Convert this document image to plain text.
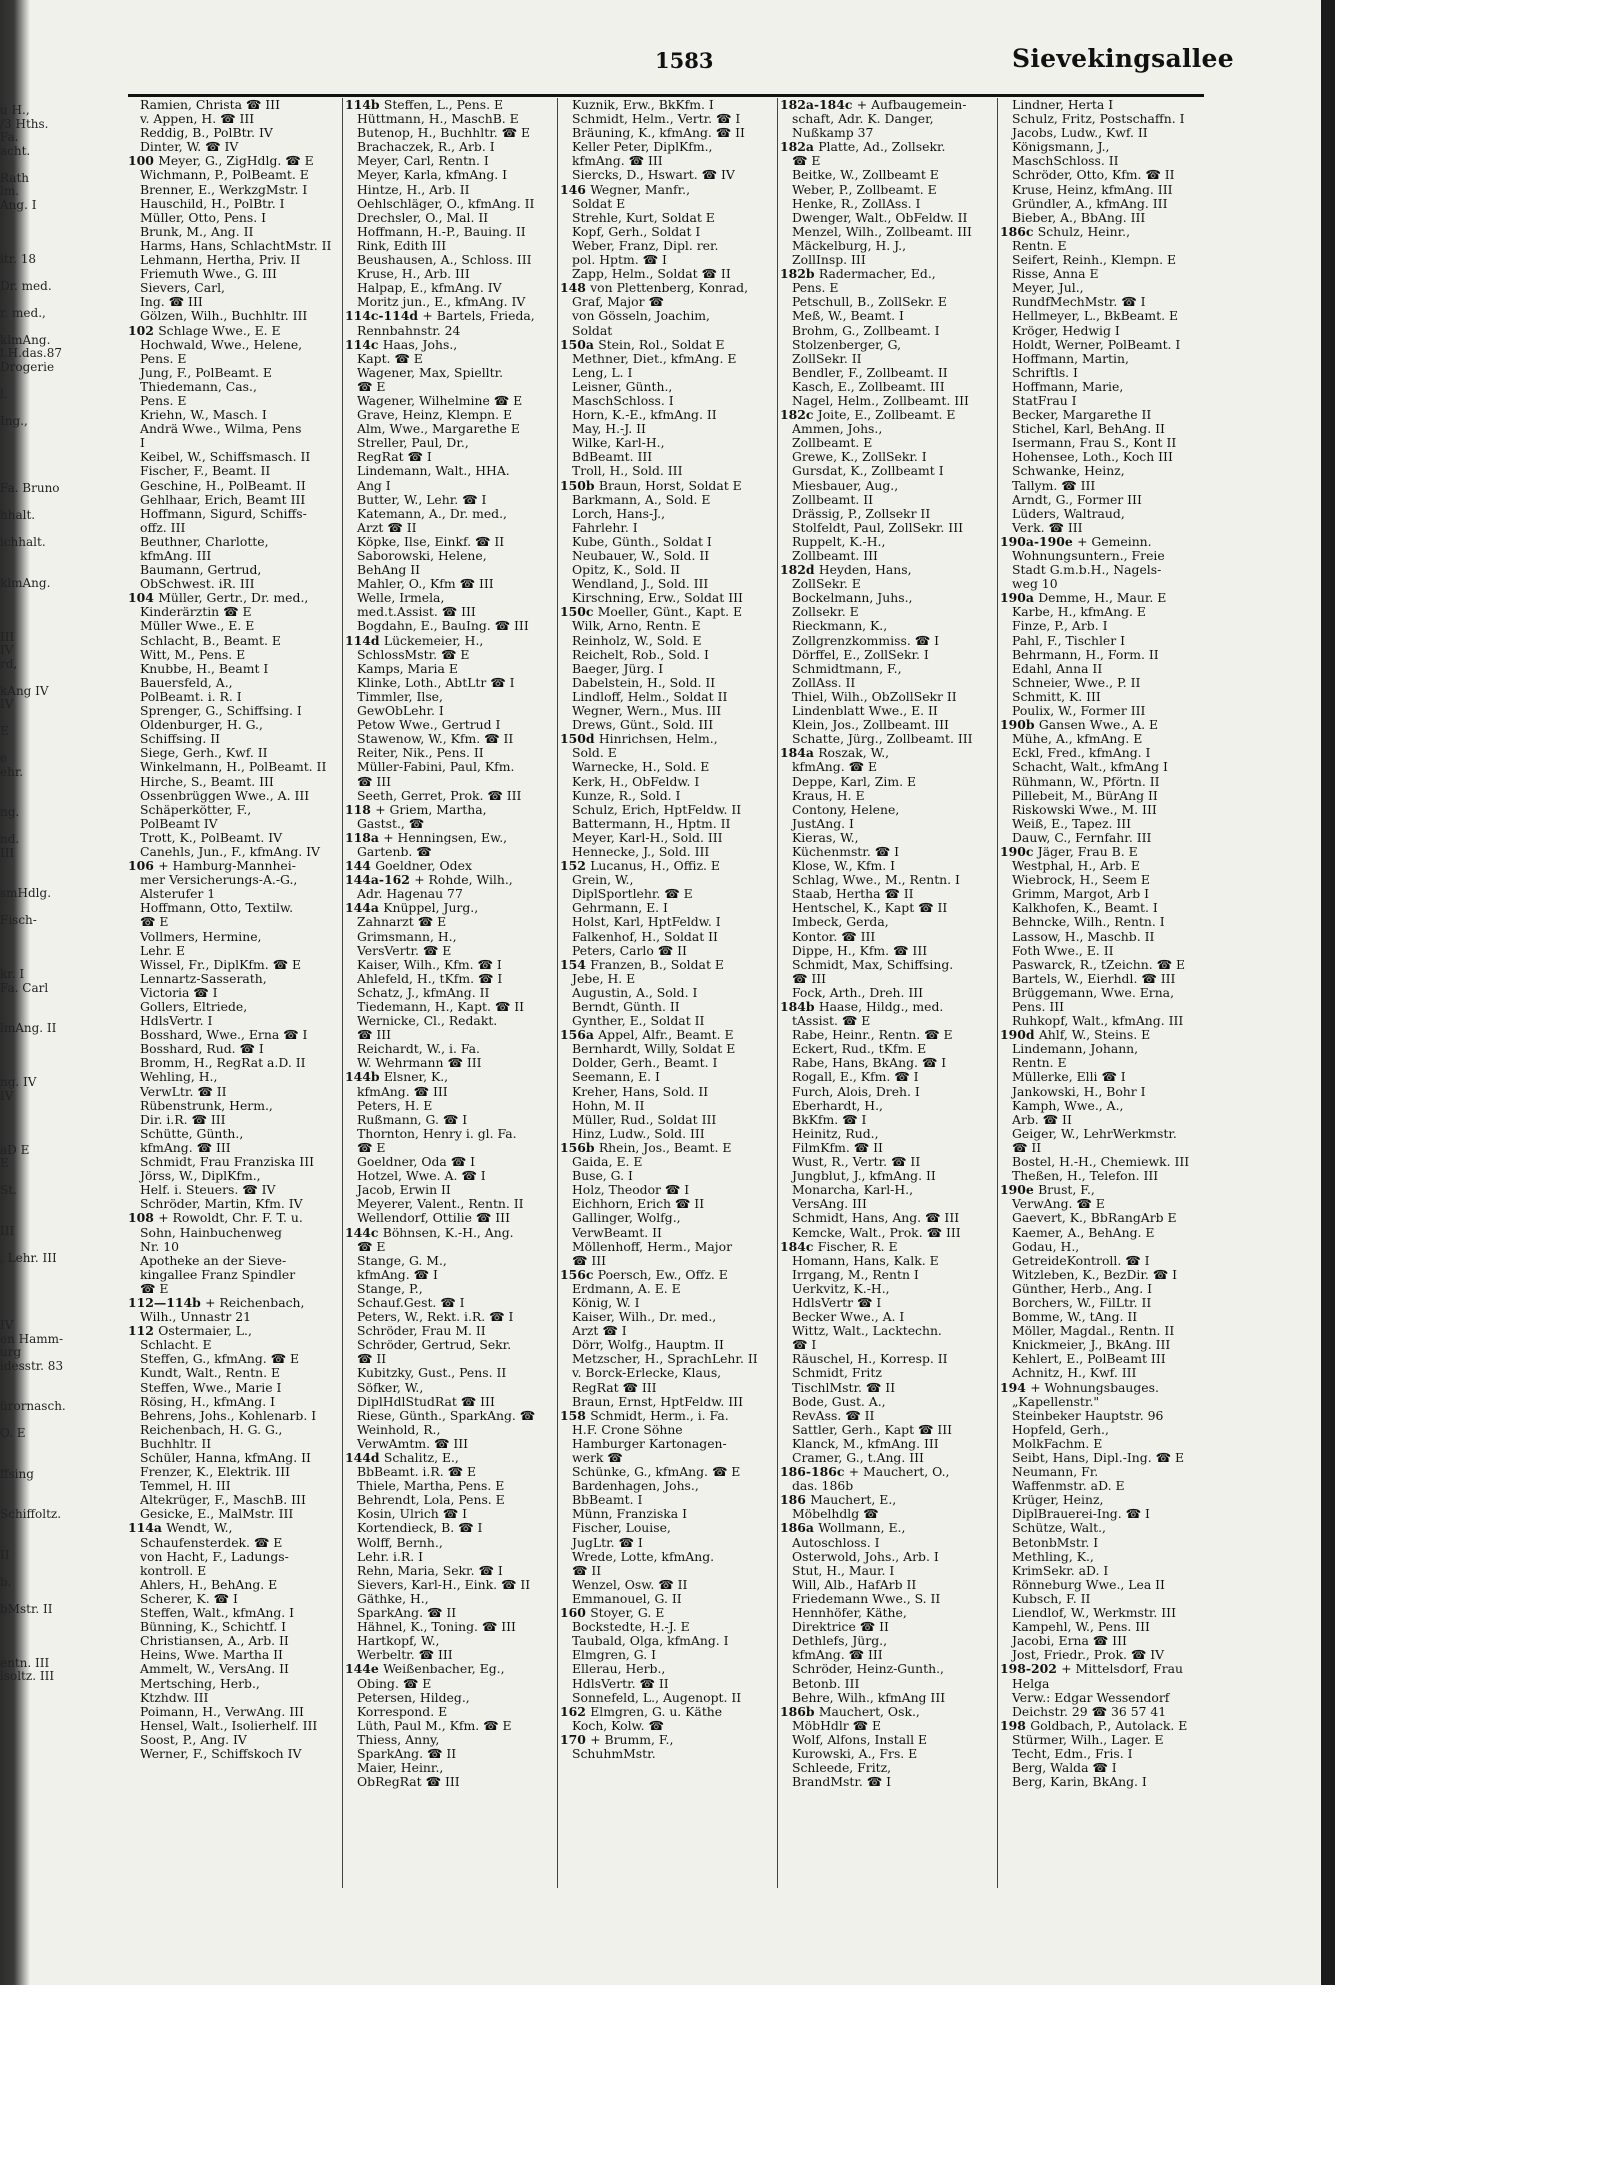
u H.,
/3 Hths.
Fa.
acht.
Rath
lm.
Ang. I
itr. 18
Dr. med.
r. med.,
klmAng.
l.H.das.87
Drogerie
l.
Ing.,
Fa. Bruno
hhalt.
ichhalt.
klmAng.
III
IV
rd,
kAng IV
IV
E
e
ehr.
ng.
nd.
III
smHdlg.
Fisch-
kr. I
Fa. Carl
lmAng. II
ng. IV
IV
aD E
E
St.
III
, Lehr. III
IV
en Hamm-
urg
idesstr. 83
ürornasch.
O. E
ffsing
Schiffoltz.
II
b.
bMstr. II
entn. III
lsoltz. III
1583	Sievekingsallee
Ramien, Christa ☎ III
v. Appen, H. ☎ III
Reddig, B., PolBtr. IV
Dinter, W. ☎ IV
100 Meyer, G., ZigHdlg. ☎ E
Wichmann, P., PolBeamt. E
Brenner, E., WerkzgMstr. I
Hauschild, H., PolBtr. I
Müller, Otto, Pens. I
Brunk, M., Ang. II
Harms, Hans, SchlachtMstr. II
Lehmann, Hertha, Priv. II
Friemuth Wwe., G. III
Sievers, Carl,
Ing. ☎ III
Gölzen, Wilh., Buchhltr. III
102 Schlage Wwe., E. E
Hochwald, Wwe., Helene,
Pens. E
Jung, F., PolBeamt. E
Thiedemann, Cas.,
Pens. E
Kriehn, W., Masch. I
Andrä Wwe., Wilma, Pens
I
Keibel, W., Schiffsmasch. II
Fischer, F., Beamt. II
Geschine, H., PolBeamt. II
Gehlhaar, Erich, Beamt III
Hoffmann, Sigurd, Schiffs-
offz. III
Beuthner, Charlotte,
kfmAng. III
Baumann, Gertrud,
ObSchwest. iR. III
104 Müller, Gertr., Dr. med.,
Kinderärztin ☎ E
Müller Wwe., E. E
Schlacht, B., Beamt. E
Witt, M., Pens. E
Knubbe, H., Beamt I
Bauersfeld, A.,
PolBeamt. i. R. I
Sprenger, G., Schiffsing. I
Oldenburger, H. G.,
Schiffsing. II
Siege, Gerh., Kwf. II
Winkelmann, H., PolBeamt. II
Hirche, S., Beamt. III
Ossenbrüggen Wwe., A. III
Schäperkötter, F.,
PolBeamt IV
Trott, K., PolBeamt. IV
Canehls, Jun., F., kfmAng. IV
106 + Hamburg-Mannhei-
mer Versicherungs-A.-G.,
Alsterufer 1
Hoffmann, Otto, Textilw.
☎ E
Vollmers, Hermine,
Lehr. E
Wissel, Fr., DiplKfm. ☎ E
Lennartz-Sasserath,
Victoria ☎ I
Gollers, Eltriede,
HdlsVertr. I
Bosshard, Wwe., Erna ☎ I
Bosshard, Rud. ☎ I
Bromm, H., RegRat a.D. II
Wehling, H.,
VerwLtr. ☎ II
Rübenstrunk, Herm.,
Dir. i.R. ☎ III
Schütte, Günth.,
kfmAng. ☎ III
Schmidt, Frau Franziska III
Jörss, W., DiplKfm.,
Helf. i. Steuers. ☎ IV
Schröder, Martin, Kfm. IV
108 + Rowoldt, Chr. F. T. u.
Sohn, Hainbuchenweg
Nr. 10
Apotheke an der Sieve-
kingallee Franz Spindler
☎ E
112—114b + Reichenbach,
Wilh., Unnastr 21
112 Ostermaier, L.,
Schlacht. E
Steffen, G., kfmAng. ☎ E
Kundt, Walt., Rentn. E
Steffen, Wwe., Marie I
Rösing, H., kfmAng. I
Behrens, Johs., Kohlenarb. I
Reichenbach, H. G. G.,
Buchhltr. II
Schüler, Hanna, kfmAng. II
Frenzer, K., Elektrik. III
Temmel, H. III
Altekrüger, F., MaschB. III
Gesicke, E., MalMstr. III
114a Wendt, W.,
Schaufensterdek. ☎ E
von Hacht, F., Ladungs-
kontroll. E
Ahlers, H., BehAng. E
Scherer, K. ☎ I
Steffen, Walt., kfmAng. I
Bünning, K., Schichtf. I
Christiansen, A., Arb. II
Heins, Wwe. Martha II
Ammelt, W., VersAng. II
Mertsching, Herb.,
Ktzhdw. III
Poimann, H., VerwAng. III
Hensel, Walt., Isolierhelf. III
Soost, P., Ang. IV
Werner, F., Schiffskoch IV
114b Steffen, L., Pens. E
Hüttmann, H., MaschB. E
Butenop, H., Buchhltr. ☎ E
Brachaczek, R., Arb. I
Meyer, Carl, Rentn. I
Meyer, Karla, kfmAng. I
Hintze, H., Arb. II
Oehlschläger, O., kfmAng. II
Drechsler, O., Mal. II
Hoffmann, H.-P., Bauing. II
Rink, Edith III
Beushausen, A., Schloss. III
Kruse, H., Arb. III
Halpap, E., kfmAng. IV
Moritz jun., E., kfmAng. IV
114c-114d + Bartels, Frieda,
Rennbahnstr. 24
114c Haas, Johs.,
Kapt. ☎ E
Wagener, Max, Spielltr.
☎ E
Wagener, Wilhelmine ☎ E
Grave, Heinz, Klempn. E
Alm, Wwe., Margarethe E
Streller, Paul, Dr.,
RegRat ☎ I
Lindemann, Walt., HHA.
Ang I
Butter, W., Lehr. ☎ I
Katemann, A., Dr. med.,
Arzt ☎ II
Köpke, Ilse, Einkf. ☎ II
Saborowski, Helene,
BehAng II
Mahler, O., Kfm ☎ III
Welle, Irmela,
med.t.Assist. ☎ III
Bogdahn, E., BauIng. ☎ III
114d Lückemeier, H.,
SchlossMstr. ☎ E
Kamps, Maria E
Klinke, Loth., AbtLtr ☎ I
Timmler, Ilse,
GewObLehr. I
Petow Wwe., Gertrud I
Stawenow, W., Kfm. ☎ II
Reiter, Nik., Pens. II
Müller-Fabini, Paul, Kfm.
☎ III
Seeth, Gerret, Prok. ☎ III
118 + Griem, Martha,
Gastst., ☎
118a + Henningsen, Ew.,
Gartenb. ☎
144 Goeldner, Odex
144a-162 + Rohde, Wilh.,
Adr. Hagenau 77
144a Knüppel, Jurg.,
Zahnarzt ☎ E
Grimsmann, H.,
VersVertr. ☎ E
Kaiser, Wilh., Kfm. ☎ I
Ahlefeld, H., tKfm. ☎ I
Schatz, J., kfmAng. II
Tiedemann, H., Kapt. ☎ II
Wernicke, Cl., Redakt.
☎ III
Reichardt, W., i. Fa.
W. Wehrmann ☎ III
144b Elsner, K.,
kfmAng. ☎ III
Peters, H. E
Rußmann, G. ☎ I
Thornton, Henry i. gl. Fa.
☎ E
Goeldner, Oda ☎ I
Hotzel, Wwe. A. ☎ I
Jacob, Erwin II
Meyerer, Valent., Rentn. II
Wellendorf, Ottilie ☎ III
144c Böhnsen, K.-H., Ang.
☎ E
Stange, G. M.,
kfmAng. ☎ I
Stange, P.,
Schauf.Gest. ☎ I
Peters, W., Rekt. i.R. ☎ I
Schröder, Frau M. II
Schröder, Gertrud, Sekr.
☎ II
Kubitzky, Gust., Pens. II
Söfker, W.,
DiplHdlStudRat ☎ III
Riese, Günth., SparkAng. ☎
Weinhold, R.,
VerwAmtm. ☎ III
144d Schalitz, E.,
BbBeamt. i.R. ☎ E
Thiele, Martha, Pens. E
Behrendt, Lola, Pens. E
Kosin, Ulrich ☎ I
Kortendieck, B. ☎ I
Wolff, Bernh.,
Lehr. i.R. I
Rehn, Maria, Sekr. ☎ I
Sievers, Karl-H., Eink. ☎ II
Gäthke, H.,
SparkAng. ☎ II
Hähnel, K., Toning. ☎ III
Hartkopf, W.,
Werbeltr. ☎ III
144e Weißenbacher, Eg.,
Obing. ☎ E
Petersen, Hildeg.,
Korrespond. E
Lüth, Paul M., Kfm. ☎ E
Thiess, Anny,
SparkAng. ☎ II
Maier, Heinr.,
ObRegRat ☎ III
Kuznik, Erw., BkKfm. I
Schmidt, Helm., Vertr. ☎ I
Bräuning, K., kfmAng. ☎ II
Keller Peter, DiplKfm.,
kfmAng. ☎ III
Siercks, D., Hswart. ☎ IV
146 Wegner, Manfr.,
Soldat E
Strehle, Kurt, Soldat E
Kopf, Gerh., Soldat I
Weber, Franz, Dipl. rer.
pol. Hptm. ☎ I
Zapp, Helm., Soldat ☎ II
148 von Plettenberg, Konrad,
Graf, Major ☎
von Gösseln, Joachim,
Soldat
150a Stein, Rol., Soldat E
Methner, Diet., kfmAng. E
Leng, L. I
Leisner, Günth.,
MaschSchloss. I
Horn, K.-E., kfmAng. II
May, H.-J. II
Wilke, Karl-H.,
BdBeamt. III
Troll, H., Sold. III
150b Braun, Horst, Soldat E
Barkmann, A., Sold. E
Lorch, Hans-J.,
Fahrlehr. I
Kube, Günth., Soldat I
Neubauer, W., Sold. II
Opitz, K., Sold. II
Wendland, J., Sold. III
Kirschning, Erw., Soldat III
150c Moeller, Günt., Kapt. E
Wilk, Arno, Rentn. E
Reinholz, W., Sold. E
Reichelt, Rob., Sold. I
Baeger, Jürg. I
Dabelstein, H., Sold. II
Lindloff, Helm., Soldat II
Wegner, Wern., Mus. III
Drews, Günt., Sold. III
150d Hinrichsen, Helm.,
Sold. E
Warnecke, H., Sold. E
Kerk, H., ObFeldw. I
Kunze, R., Sold. I
Schulz, Erich, HptFeldw. II
Battermann, H., Hptm. II
Meyer, Karl-H., Sold. III
Hennecke, J., Sold. III
152 Lucanus, H., Offiz. E
Grein, W.,
DiplSportlehr. ☎ E
Gehrmann, E. I
Holst, Karl, HptFeldw. I
Falkenhof, H., Soldat II
Peters, Carlo ☎ II
154 Franzen, B., Soldat E
Jebe, H. E
Augustin, A., Sold. I
Berndt, Günth. II
Gynther, E., Soldat II
156a Appel, Alfr., Beamt. E
Bernhardt, Willy, Soldat E
Dolder, Gerh., Beamt. I
Seemann, E. I
Kreher, Hans, Sold. II
Hohn, M. II
Müller, Rud., Soldat III
Hinz, Ludw., Sold. III
156b Rhein, Jos., Beamt. E
Gaida, E. E
Buse, G. I
Holz, Theodor ☎ I
Eichhorn, Erich ☎ II
Gallinger, Wolfg.,
VerwBeamt. II
Möllenhoff, Herm., Major
☎ III
156c Poersch, Ew., Offz. E
Erdmann, A. E. E
König, W. I
Kaiser, Wilh., Dr. med.,
Arzt ☎ I
Dörr, Wolfg., Hauptm. II
Metzscher, H., SprachLehr. II
v. Borck-Erlecke, Klaus,
RegRat ☎ III
Braun, Ernst, HptFeldw. III
158 Schmidt, Herm., i. Fa.
H.F. Crone Söhne
Hamburger Kartonagen-
werk ☎
Schünke, G., kfmAng. ☎ E
Bardenhagen, Johs.,
BbBeamt. I
Münn, Franziska I
Fischer, Louise,
JugLtr. ☎ I
Wrede, Lotte, kfmAng.
☎ II
Wenzel, Osw. ☎ II
Emmanouel, G. II
160 Stoyer, G. E
Bockstedte, H.-J. E
Taubald, Olga, kfmAng. I
Elmgren, G. I
Ellerau, Herb.,
HdlsVertr. ☎ II
Sonnefeld, L., Augenopt. II
162 Elmgren, G. u. Käthe
Koch, Kolw. ☎
170 + Brumm, F.,
SchuhmMstr.
182a-184c + Aufbaugemein-
schaft, Adr. K. Danger,
Nußkamp 37
182a Platte, Ad., Zollsekr.
☎ E
Beitke, W., Zollbeamt E
Weber, P., Zollbeamt. E
Henke, R., ZollAss. I
Dwenger, Walt., ObFeldw. II
Menzel, Wilh., Zollbeamt. III
Mäckelburg, H. J.,
ZollInsp. III
182b Radermacher, Ed.,
Pens. E
Petschull, B., ZollSekr. E
Meß, W., Beamt. I
Brohm, G., Zollbeamt. I
Stolzenberger, G,
ZollSekr. II
Bendler, F., Zollbeamt. II
Kasch, E., Zollbeamt. III
Nagel, Helm., Zollbeamt. III
182c Joite, E., Zollbeamt. E
Ammen, Johs.,
Zollbeamt. E
Grewe, K., ZollSekr. I
Gursdat, K., Zollbeamt I
Miesbauer, Aug.,
Zollbeamt. II
Drässig, P., Zollsekr II
Stolfeldt, Paul, ZollSekr. III
Ruppelt, K.-H.,
Zollbeamt. III
182d Heyden, Hans,
ZollSekr. E
Bockelmann, Juhs.,
Zollsekr. E
Rieckmann, K.,
Zollgrenzkommiss. ☎ I
Dörffel, E., ZollSekr. I
Schmidtmann, F.,
ZollAss. II
Thiel, Wilh., ObZollSekr II
Lindenblatt Wwe., E. II
Klein, Jos., Zollbeamt. III
Schatte, Jürg., Zollbeamt. III
184a Roszak, W.,
kfmAng. ☎ E
Deppe, Karl, Zim. E
Kraus, H. E
Contony, Helene,
JustAng. I
Kieras, W.,
Küchenmstr. ☎ I
Klose, W., Kfm. I
Schlag, Wwe., M., Rentn. I
Staab, Hertha ☎ II
Hentschel, K., Kapt ☎ II
Imbeck, Gerda,
Kontor. ☎ III
Dippe, H., Kfm. ☎ III
Schmidt, Max, Schiffsing.
☎ III
Fock, Arth., Dreh. III
184b Haase, Hildg., med.
tAssist. ☎ E
Rabe, Heinr., Rentn. ☎ E
Eckert, Rud., tKfm. E
Rabe, Hans, BkAng. ☎ I
Rogall, E., Kfm. ☎ I
Furch, Alois, Dreh. I
Eberhardt, H.,
BkKfm. ☎ I
Heinitz, Rud.,
FilmKfm. ☎ II
Wust, R., Vertr. ☎ II
Jungblut, J., kfmAng. II
Monarcha, Karl-H.,
VersAng. III
Schmidt, Hans, Ang. ☎ III
Kemcke, Walt., Prok. ☎ III
184c Fischer, R. E
Homann, Hans, Kalk. E
Irrgang, M., Rentn I
Uerkvitz, K.-H.,
HdlsVertr ☎ I
Becker Wwe., A. I
Wittz, Walt., Lacktechn.
☎ I
Räuschel, H., Korresp. II
Schmidt, Fritz
TischlMstr. ☎ II
Bode, Gust. A.,
RevAss. ☎ II
Sattler, Gerh., Kapt ☎ III
Klanck, M., kfmAng. III
Cramer, G., t.Ang. III
186-186c + Mauchert, O.,
das. 186b
186 Mauchert, E.,
Möbelhdlg ☎
186a Wollmann, E.,
Autoschloss. I
Osterwold, Johs., Arb. I
Stut, H., Maur. I
Will, Alb., HafArb II
Friedemann Wwe., S. II
Hennhöfer, Käthe,
Direktrice ☎ II
Dethlefs, Jürg.,
kfmAng. ☎ III
Schröder, Heinz-Gunth.,
Betonb. III
Behre, Wilh., kfmAng III
186b Mauchert, Osk.,
MöbHdlr ☎ E
Wolf, Alfons, Install E
Kurowski, A., Frs. E
Schleede, Fritz,
BrandMstr. ☎ I
Lindner, Herta I
Schulz, Fritz, Postschaffn. I
Jacobs, Ludw., Kwf. II
Königsmann, J.,
MaschSchloss. II
Schröder, Otto, Kfm. ☎ II
Kruse, Heinz, kfmAng. III
Gründler, A., kfmAng. III
Bieber, A., BbAng. III
186c Schulz, Heinr.,
Rentn. E
Seifert, Reinh., Klempn. E
Risse, Anna E
Meyer, Jul.,
RundfMechMstr. ☎ I
Hellmeyer, L., BkBeamt. E
Kröger, Hedwig I
Holdt, Werner, PolBeamt. I
Hoffmann, Martin,
Schriftls. I
Hoffmann, Marie,
StatFrau I
Becker, Margarethe II
Stichel, Karl, BehAng. II
Isermann, Frau S., Kont II
Hohensee, Loth., Koch III
Schwanke, Heinz,
Tallym. ☎ III
Arndt, G., Former III
Lüders, Waltraud,
Verk. ☎ III
190a-190e + Gemeinn.
Wohnungsuntern., Freie
Stadt G.m.b.H., Nagels-
weg 10
190a Demme, H., Maur. E
Karbe, H., kfmAng. E
Finze, P., Arb. I
Pahl, F., Tischler I
Behrmann, H., Form. II
Edahl, Anna II
Schneier, Wwe., P. II
Schmitt, K. III
Poulix, W., Former III
190b Gansen Wwe., A. E
Mühe, A., kfmAng. E
Eckl, Fred., kfmAng. I
Schacht, Walt., kfmAng I
Rühmann, W., Pförtn. II
Pillebeit, M., BürAng II
Riskowski Wwe., M. III
Weiß, E., Tapez. III
Dauw, C., Fernfahr. III
190c Jäger, Frau B. E
Westphal, H., Arb. E
Wiebrock, H., Seem E
Grimm, Margot, Arb I
Kalkhofen, K., Beamt. I
Behncke, Wilh., Rentn. I
Lassow, H., Maschb. II
Foth Wwe., E. II
Paswarck, R., tZeichn. ☎ E
Bartels, W., Eierhdl. ☎ III
Brüggemann, Wwe. Erna,
Pens. III
Ruhkopf, Walt., kfmAng. III
190d Ahlf, W., Steins. E
Lindemann, Johann,
Rentn. E
Müllerke, Elli ☎ I
Jankowski, H., Bohr I
Kamph, Wwe., A.,
Arb. ☎ II
Geiger, W., LehrWerkmstr.
☎ II
Bostel, H.-H., Chemiewk. III
Theßen, H., Telefon. III
190e Brust, F.,
VerwAng. ☎ E
Gaevert, K., BbRangArb E
Kaemer, A., BehAng. E
Godau, H.,
GetreideKontroll. ☎ I
Witzleben, K., BezDir. ☎ I
Günther, Herb., Ang. I
Borchers, W., FilLtr. II
Bomme, W., tAng. II
Möller, Magdal., Rentn. II
Knickmeier, J., BkAng. III
Kehlert, E., PolBeamt III
Achnitz, H., Kwf. III
194 + Wohnungsbauges.
„Kapellenstr."
Steinbeker Hauptstr. 96
Hopfeld, Gerh.,
MolkFachm. E
Seibt, Hans, Dipl.-Ing. ☎ E
Neumann, Fr.
Waffenmstr. aD. E
Krüger, Heinz,
DiplBrauerei-Ing. ☎ I
Schütze, Walt.,
BetonbMstr. I
Methling, K.,
KrimSekr. aD. I
Rönneburg Wwe., Lea II
Kubsch, F. II
Liendlof, W., Werkmstr. III
Kampehl, W., Pens. III
Jacobi, Erna ☎ III
Jost, Friedr., Prok. ☎ IV
198-202 + Mittelsdorf, Frau
Helga
Verw.: Edgar Wessendorf
Deichstr. 29 ☎ 36 57 41
198 Goldbach, P., Autolack. E
Stürmer, Wilh., Lager. E
Techt, Edm., Fris. I
Berg, Walda ☎ I
Berg, Karin, BkAng. I
